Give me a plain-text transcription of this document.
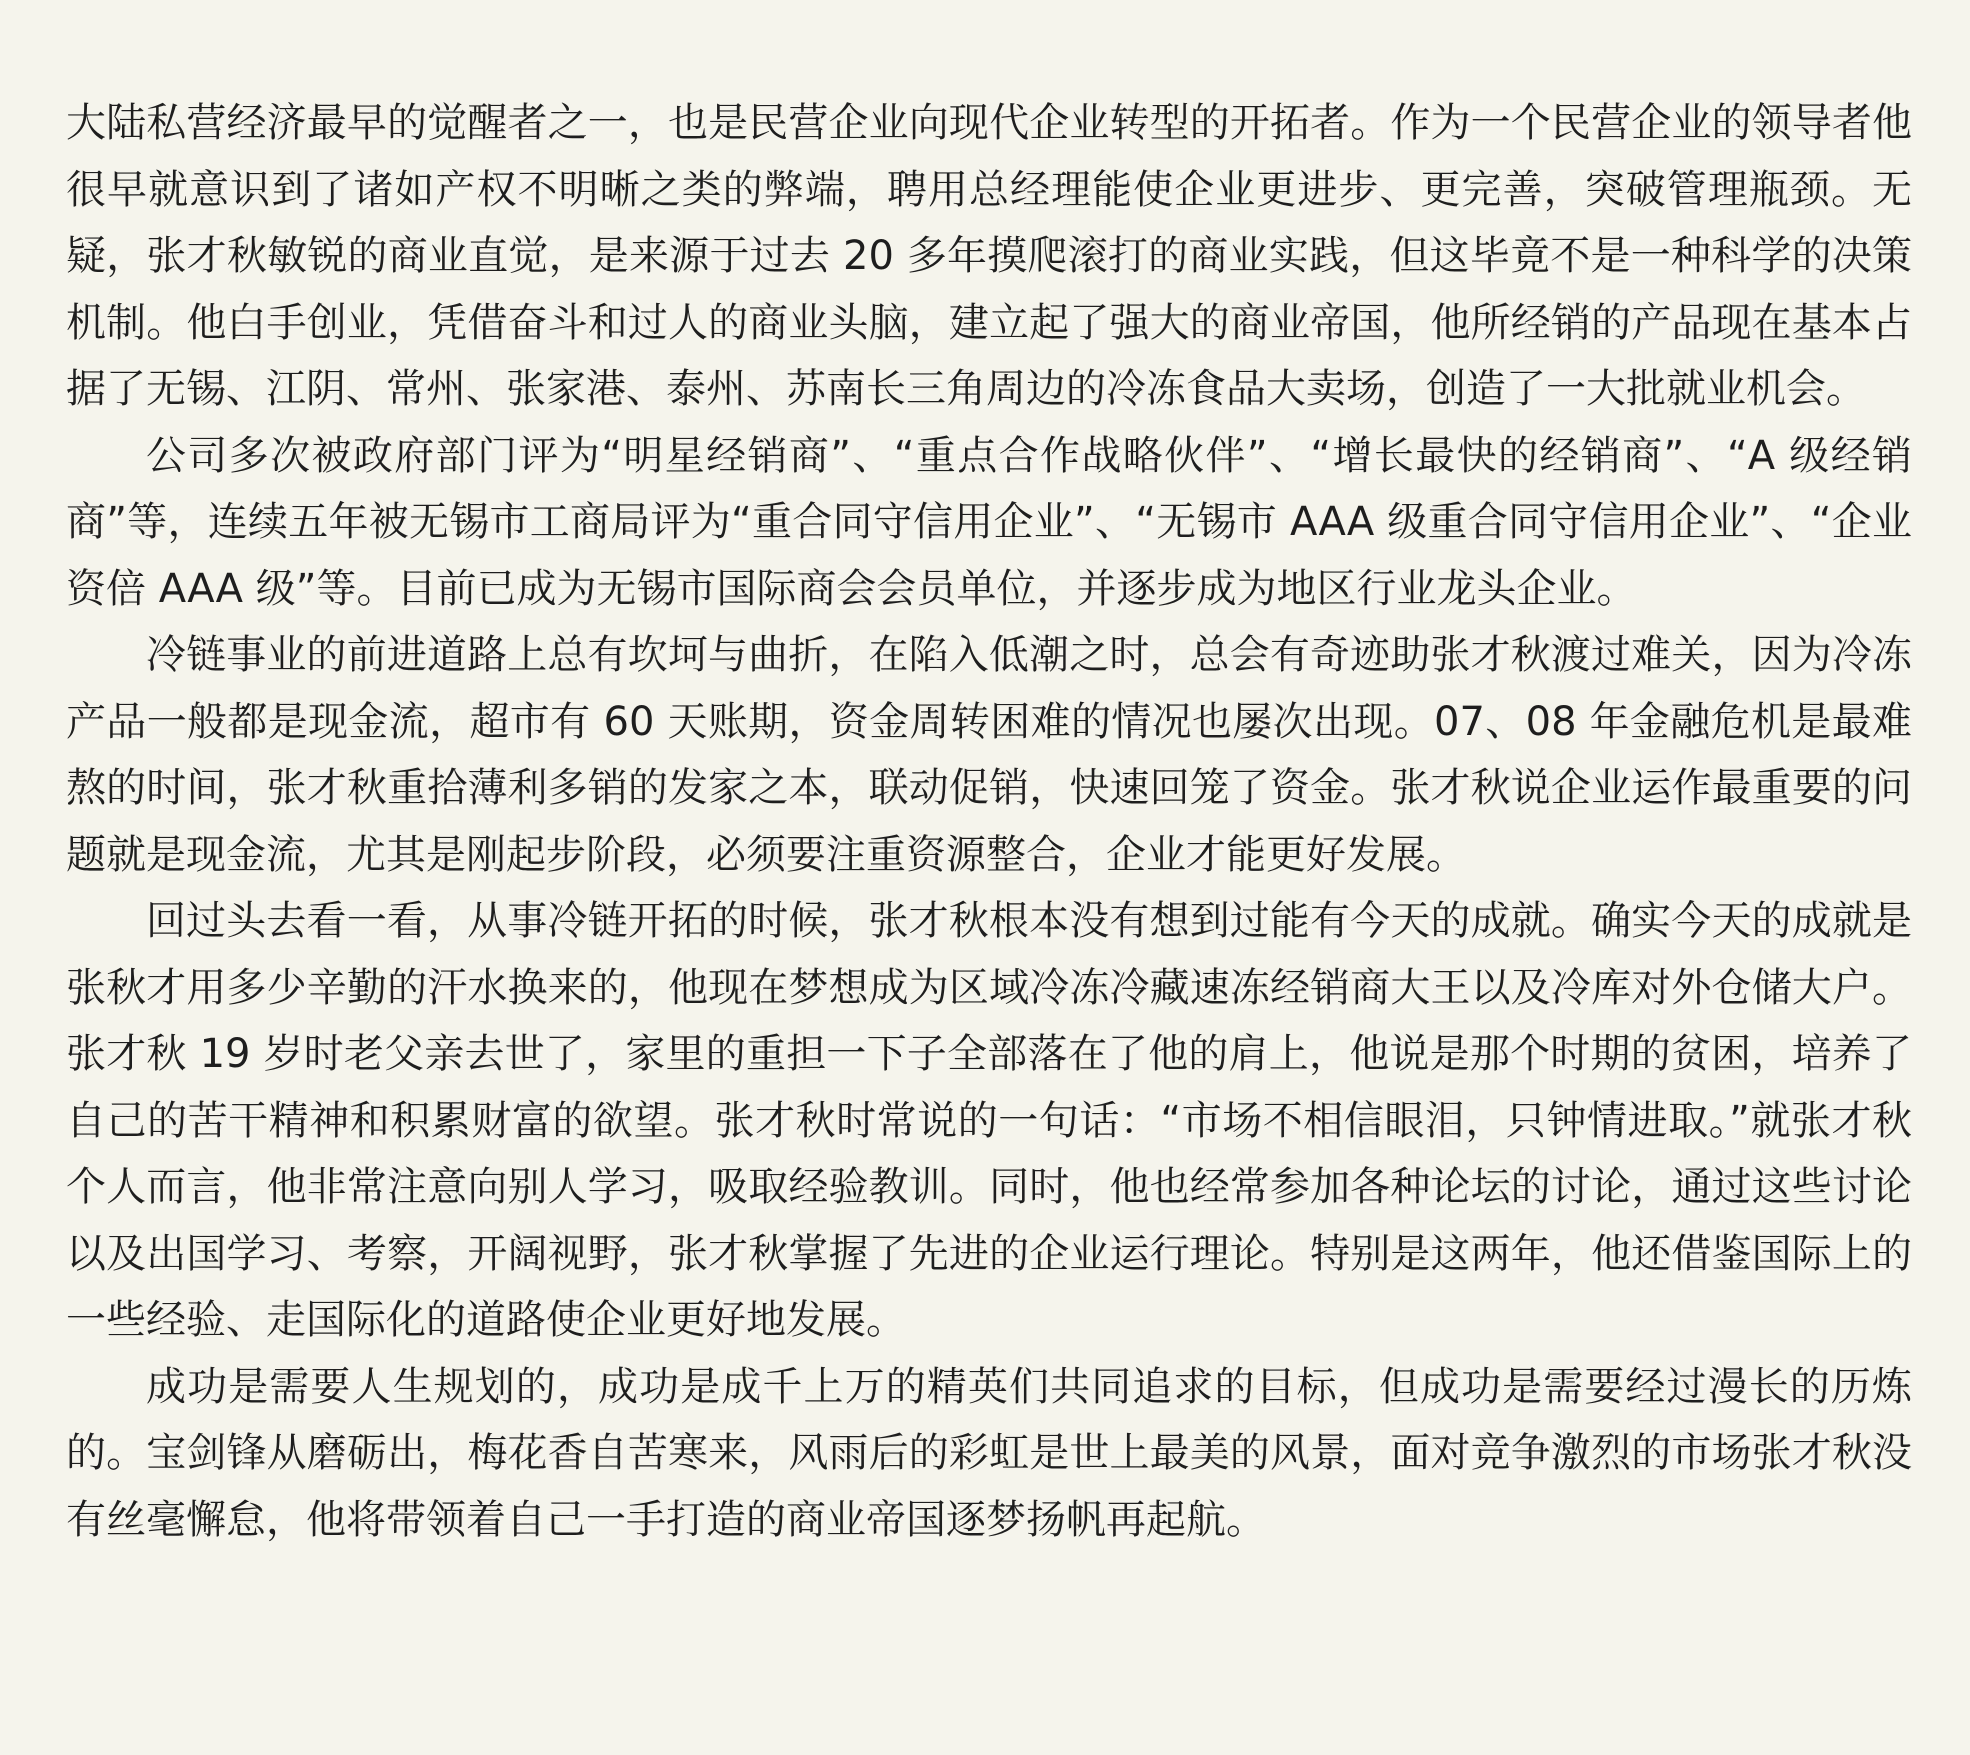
大陆私营经济最早的觉醒者之一，也是民营企业向现代企业转型的开拓者。作为一个民营企业的领导者他很早就意识到了诸如产权不明晰之类的弊端，聘用总经理能使企业更进步、更完善，突破管理瓶颈。无疑，张才秋敏锐的商业直觉，是来源于过去 20 多年摸爬滚打的商业实践，但这毕竟不是一种科学的决策机制。他白手创业，凭借奋斗和过人的商业头脑，建立起了强大的商业帝国，他所经销的产品现在基本占据了无锡、江阴、常州、张家港、泰州、苏南长三角周边的冷冻食品大卖场，创造了一大批就业机会。

公司多次被政府部门评为“明星经销商”、“重点合作战略伙伴”、“增长最快的经销商”、“A 级经销商”等，连续五年被无锡市工商局评为“重合同守信用企业”、“无锡市 AAA 级重合同守信用企业”、“企业资倍 AAA 级”等。目前已成为无锡市国际商会会员单位，并逐步成为地区行业龙头企业。

冷链事业的前进道路上总有坎坷与曲折，在陷入低潮之时，总会有奇迹助张才秋渡过难关，因为冷冻产品一般都是现金流，超市有 60 天账期，资金周转困难的情况也屡次出现。07、08 年金融危机是最难熬的时间，张才秋重拾薄利多销的发家之本，联动促销，快速回笼了资金。张才秋说企业运作最重要的问题就是现金流，尤其是刚起步阶段，必须要注重资源整合，企业才能更好发展。

回过头去看一看，从事冷链开拓的时候，张才秋根本没有想到过能有今天的成就。确实今天的成就是张秋才用多少辛勤的汗水换来的，他现在梦想成为区域冷冻冷藏速冻经销商大王以及冷库对外仓储大户。张才秋 19 岁时老父亲去世了，家里的重担一下子全部落在了他的肩上，他说是那个时期的贫困，培养了自己的苦干精神和积累财富的欲望。张才秋时常说的一句话：“市场不相信眼泪，只钟情进取。”就张才秋个人而言，他非常注意向别人学习，吸取经验教训。同时，他也经常参加各种论坛的讨论，通过这些讨论以及出国学习、考察，开阔视野，张才秋掌握了先进的企业运行理论。特别是这两年，他还借鉴国际上的一些经验、走国际化的道路使企业更好地发展。

成功是需要人生规划的，成功是成千上万的精英们共同追求的目标，但成功是需要经过漫长的历炼的。宝剑锋从磨砺出，梅花香自苦寒来，风雨后的彩虹是世上最美的风景，面对竞争激烈的市场张才秋没有丝毫懈怠，他将带领着自己一手打造的商业帝国逐梦扬帆再起航。
